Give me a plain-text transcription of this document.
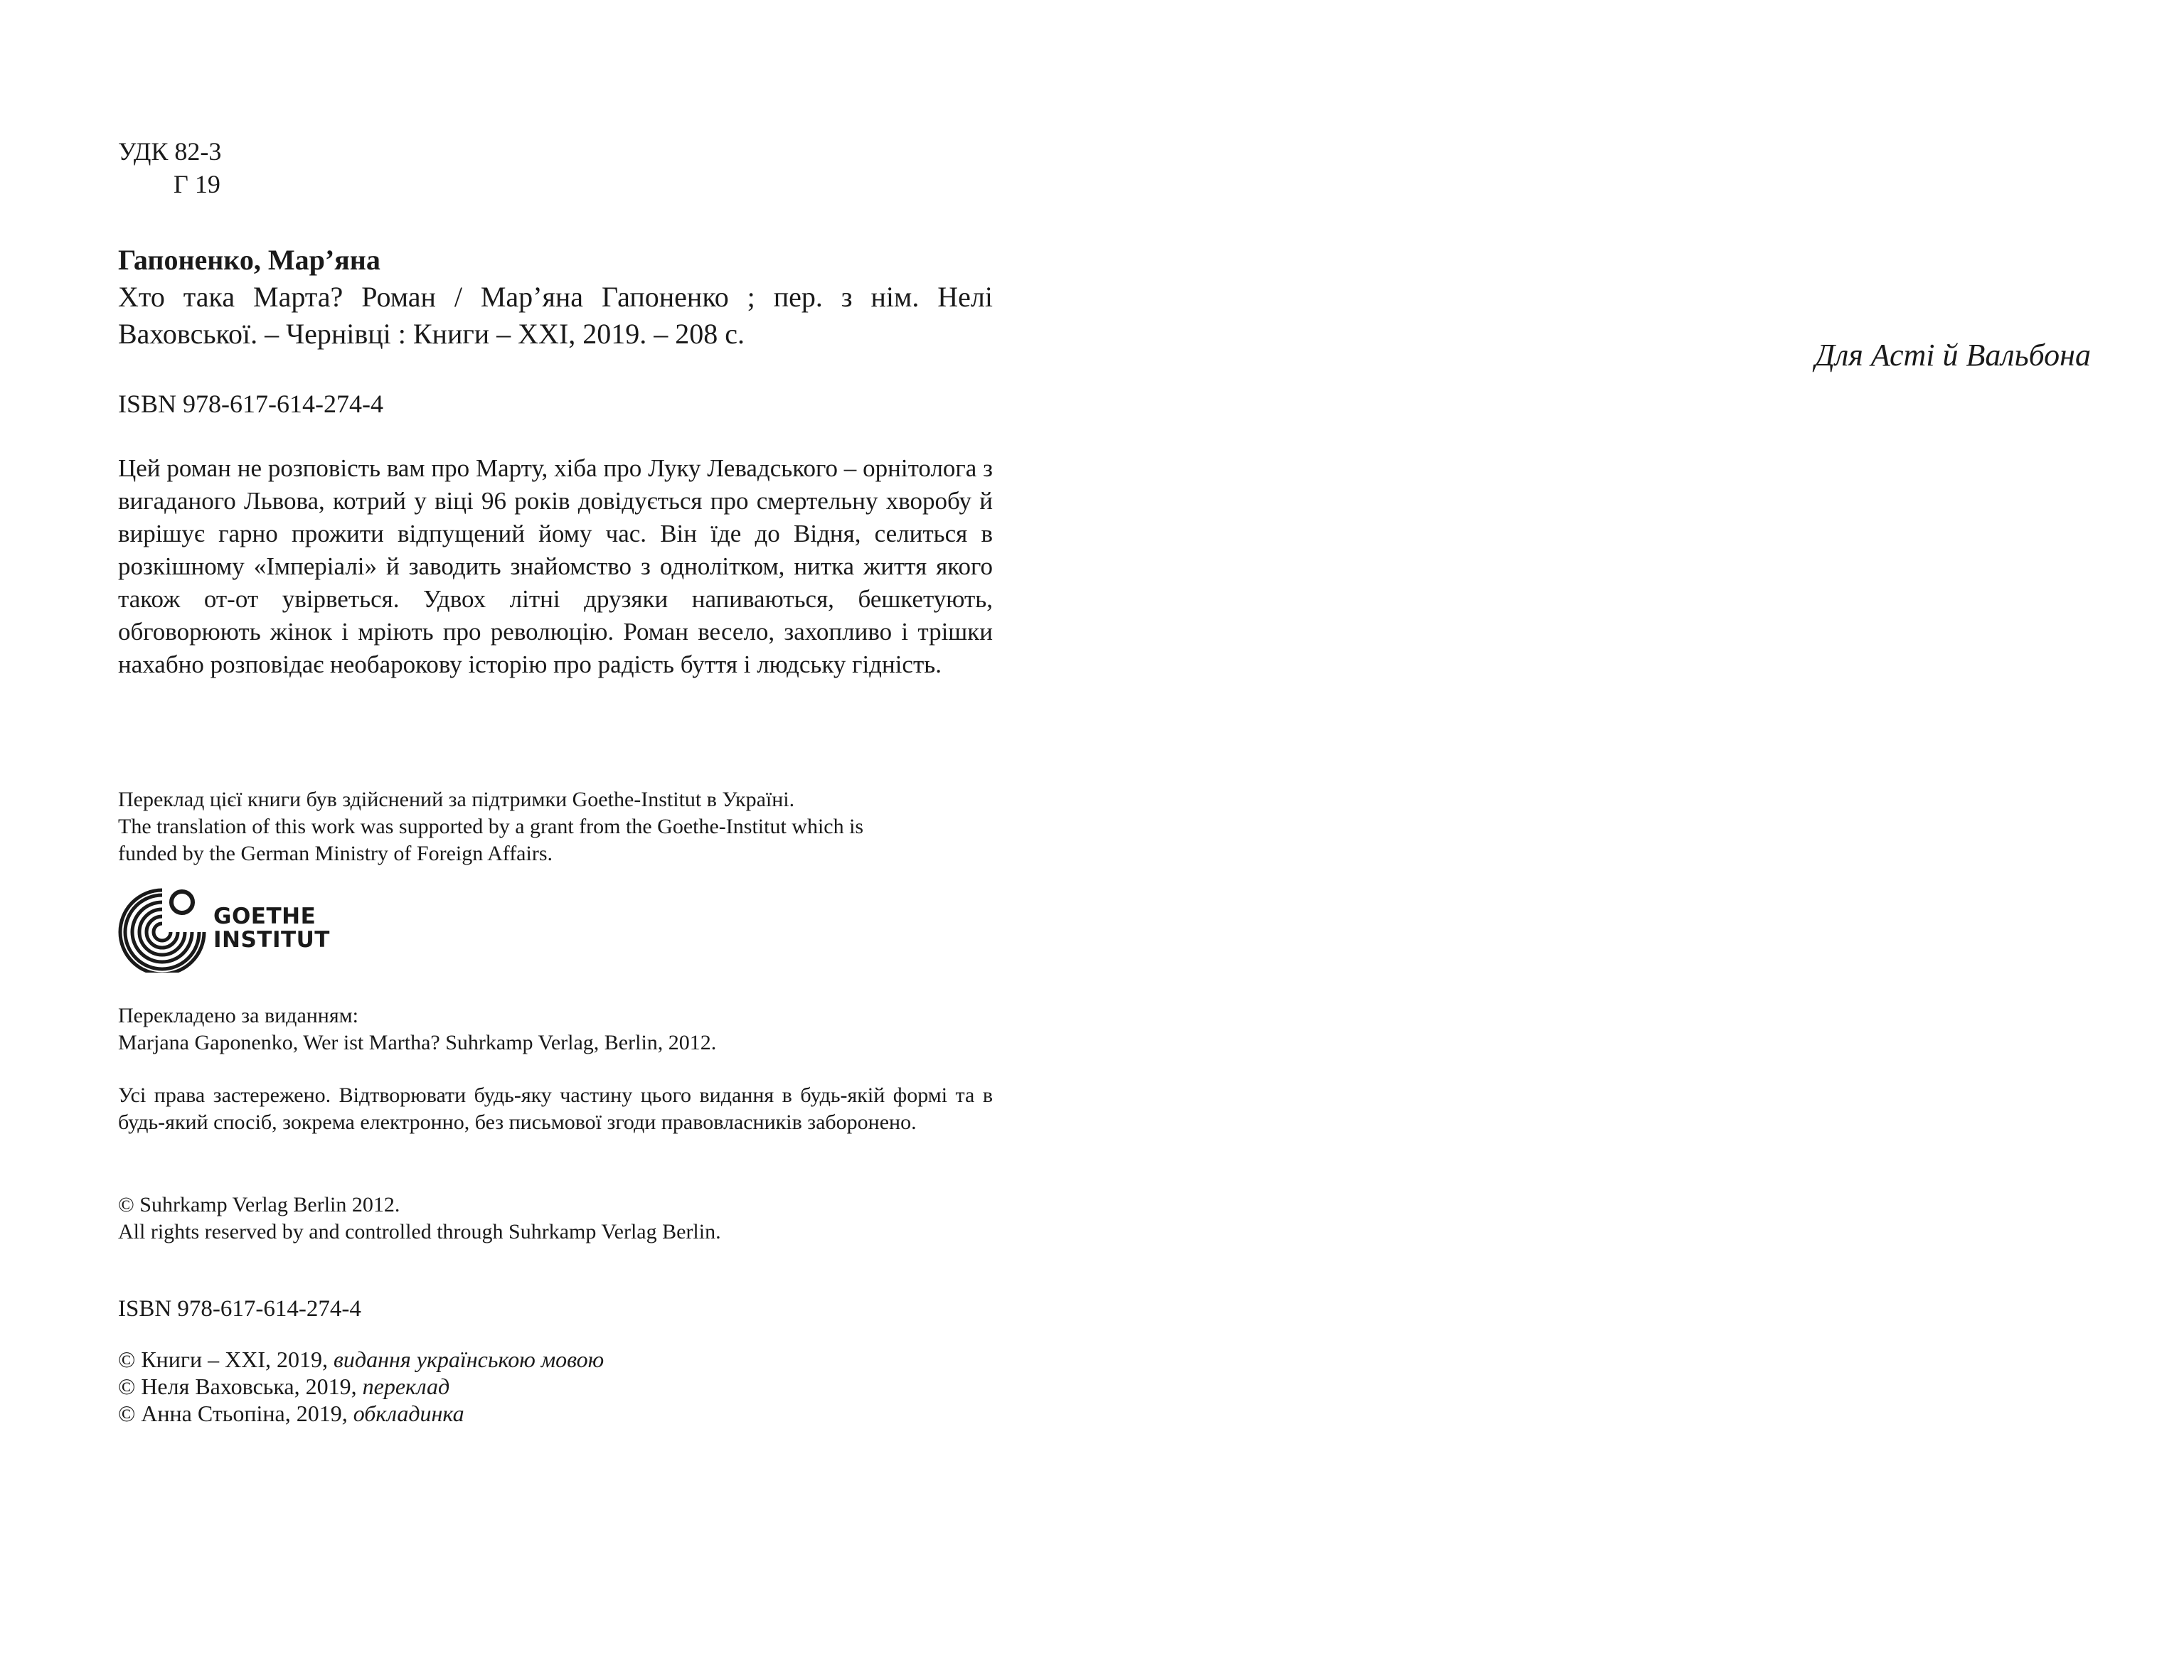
УДК 82-3
Г 19
Гапоненко, Мар’яна
Хто така Марта? Роман / Мар’яна Гапоненко ; пер. з нім. Нелі
Ваховської. – Чернівці : Книги – XXI, 2019. – 208 с.
ISBN 978-617-614-274-4
Цей роман не розповість вам про Марту, хіба про Луку Левадського – орнітолога з вигаданого Львова, котрий у віці 96 років довідується про смертельну хворобу й вирішує гарно прожити відпущений йому час. Він їде до Відня, селиться в розкішному «Імперіалі» й заводить знайомство з однолітком, нитка життя якого також от-от увірветься. Удвох літні друзяки напиваються, бешкетують, обговорюють жінок і мріють про революцію. Роман весело, захопливо і трішки нахабно розповідає необарокову історію про радість буття і людську гідність.
Переклад цієї книги був здійснений за підтримки Goethe-Institut в Україні.
The translation of this work was supported by a grant from the Goethe-Institut which is
funded by the German Ministry of Foreign Affairs.
GOETHE
INSTITUT
Перекладено за виданням:
Marjana Gaponenko, Wer ist Martha? Suhrkamp Verlag, Berlin, 2012.
Усі права застережено. Відтворювати будь-яку частину цього видання в будь-якій формі та в будь-який спосіб, зокрема електронно, без письмової згоди правовласників заборонено.
© Suhrkamp Verlag Berlin 2012.
All rights reserved by and controlled through Suhrkamp Verlag Berlin.
ISBN 978-617-614-274-4
© Книги – XXI, 2019, видання українською мовою
© Неля Ваховська, 2019, переклад
© Анна Стьопіна, 2019, обкладинка
Для Асті й Вальбона
